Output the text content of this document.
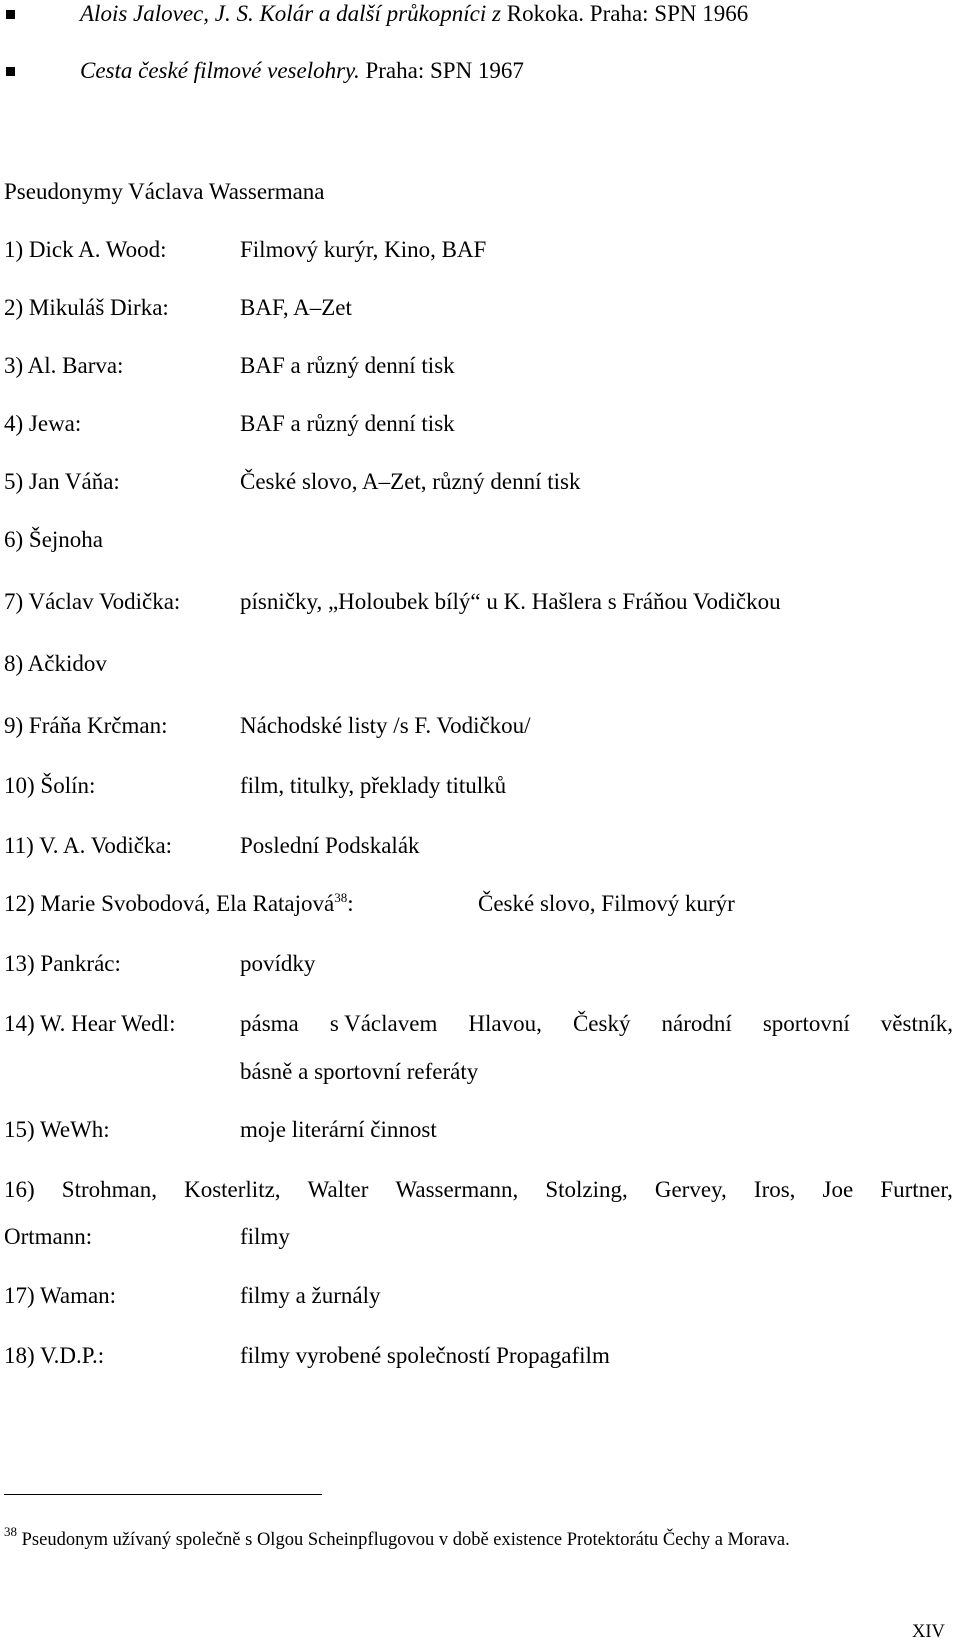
Alois Jalovec, J. S. Kolár a další průkopníci z Rokoka. Praha: SPN 1966
Cesta české filmové veselohry. Praha: SPN 1967
Pseudonymy Václava Wassermana
1) Dick A. Wood:	Filmový kurýr, Kino, BAF
2) Mikuláš Dirka:	BAF, A–Zet
3) Al. Barva:	BAF a různý denní tisk
4) Jewa:	BAF a různý denní tisk
5) Jan Váňa:	České slovo, A–Zet, různý denní tisk
6) Šejnoha
7) Václav Vodička:	písničky, „Holoubek bílý“ u K. Hašlera s Fráňou Vodičkou
8) Ačkidov
9) Fráňa Krčman:	Náchodské listy /s F. Vodičkou/
10) Šolín:	film, titulky, překlady titulků
11) V. A. Vodička:	Poslední Podskalák
12) Marie Svobodová, Ela Ratajová$^{38}$:	České slovo, Filmový kurýr
13) Pankrác:	povídky
14) W. Hear Wedl:	pásma s Václavem Hlavou, Český národní sportovní věstník,
básně a sportovní referáty
15) WeWh:	moje literární činnost
16) Strohman, Kosterlitz, Walter Wassermann, Stolzing, Gervey, Iros, Joe Furtner,
Ortmann:	filmy
17) Waman:	filmy a žurnály
18) V.D.P.:	filmy vyrobené společností Propagafilm
$^{38}$ Pseudonym užívaný společně s Olgou Scheinpflugovou v době existence Protektorátu Čechy a Morava.
XIV
